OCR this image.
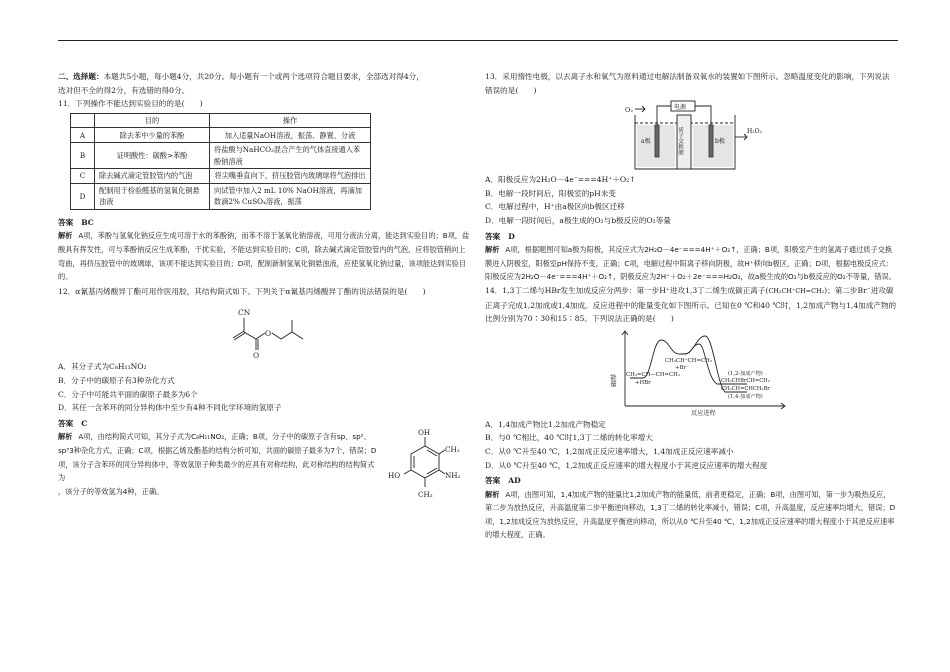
二、选择题：本题共5小题，每小题4分，共20分。每小题有一个或两个选项符合题目要求，全部选对得4分，

选对但不全的得2分，有选错的得0分。

11．下列操作不能达到实验目的的是(　　)

	目的	操作
A	除去苯中少量的苯酚	加入适量NaOH溶液，振荡、静置、分液
B	证明酸性：碳酸>苯酚	将盐酸与NaHCO₃混合产生的气体直接通入苯酚钠溶液
C	除去碱式滴定管胶管内的气泡	将尖嘴垂直向下，挤压胶管内玻璃球将气泡排出
D	配制用于检验醛基的氢氧化铜悬浊液	向试管中加入2 mL 10% NaOH溶液，再滴加数滴2% CuSO₄溶液，振荡

答案 BC

解析 A项，苯酚与氢氧化钠反应生成可溶于水的苯酚钠，而苯不溶于氢氧化钠溶液，可用分液法分离，能达到实验目的；B项，盐酸具有挥发性，可与苯酚钠反应生成苯酚，干扰实验，不能达到实验目的；C项，除去碱式滴定管胶管内的气泡，应将胶管稍向上弯曲，再挤压胶管中的玻璃球，该项不能达到实验目的；D项，配制新制氢氧化铜悬浊液，应使氢氧化钠过量，该项能达到实验目的。

12．α氰基丙烯酸异丁酯可用作医用胶，其结构简式如下。下列关于α氰基丙烯酸异丁酯的说法错误的是(　　)

CN
O
O

A．其分子式为C₈H₁₁NO₂

B．分子中的碳原子有3种杂化方式

C．分子中可能共平面的碳原子最多为6个

D．其任一含苯环的同分异构体中至少有4种不同化学环境的氢原子

答案 C

解析 A项，由结构简式可知，其分子式为C₈H₁₁NO₂，正确；B项，分子中的碳原子含有sp、sp²、sp³3种杂化方式，正确；C项，根据乙烯及酯基的结构分析可知，共面的碳原子最多为7个，错误；D项，该分子含苯环的同分异构体中，等效氢原子种类最少的应具有对称结构，此对称结构的结构简式为

OH
CH₃
HO	NH₂
CH₃

，该分子的等效氢为4种，正确。

13．采用惰性电极，以去离子水和氧气为原料通过电解法制备双氧水的装置如下图所示。忽略温度变化的影响，下列说法错误的是(　　)

O₂	电源
质子交换膜
a极	b极
H₂O₂

A．阳极反应为2H₂O－4e⁻===4H⁺＋O₂↑

B．电解一段时间后，阳极室的pH未变

C．电解过程中，H⁺由a极区向b极区迁移

D．电解一段时间后，a极生成的O₂与b极反应的O₂等量

答案 D

解析 A项，根据题图可知a极为阳极，其反应式为2H₂O－4e⁻===4H⁺＋O₂↑，正确；B项，阳极室产生的氢离子通过质子交换膜进入阴极室，阳极室pH保持不变，正确；C项，电解过程中阳离子移向阴极，故H⁺移向b极区，正确；D项，根据电极反应式：阳极反应为2H₂O－4e⁻===4H⁺＋O₂↑，阴极反应为2H⁺＋O₂＋2e⁻===H₂O₂，故a极生成的O₂与b极反应的O₂不等量，错误。

14．1,3丁二烯与HBr发生加成反应分两步：第一步H⁺进攻1,3丁二烯生成碳正离子(CH₃CH⁺CH=CH₂)；第二步Br⁻进攻碳正离子完成1,2加成或1,4加成。反应进程中的能量变化如下图所示。已知在0 ℃和40 ℃时，1,2加成产物与1,4加成产物的比例分别为70∶30和15∶85。下列说法正确的是(　　)

能量
反应进程
CH₂=CH—CH=CH₂
+HBr
CH₃CH⁺CH=CH₂
+Br⁻
(1,2-加成产物)
CH₃CHBrCH=CH₂
CH₃CH=CHCH₂Br
(1,4-加成产物)

A．1,4加成产物比1,2加成产物稳定

B．与0 ℃相比，40 ℃时1,3丁二烯的转化率增大

C．从0 ℃升至40 ℃，1,2加成正反应速率增大，1,4加成正反应速率减小

D．从0 ℃升至40 ℃，1,2加成正反应速率的增大程度小于其逆反应速率的增大程度

答案 AD

解析 A项，由图可知，1,4加成产物的能量比1,2加成产物的能量低，前者更稳定，正确；B项，由图可知，第一步为吸热反应，第二步为放热反应，升高温度第二步平衡逆向移动，1,3丁二烯的转化率减小，错误；C项，升高温度，反应速率均增大，错误；D项，1,2加成反应为放热反应，升高温度平衡逆向移动，所以从0 ℃升至40 ℃，1,2加成正反应速率的增大程度小于其逆反应速率的增大程度，正确。
